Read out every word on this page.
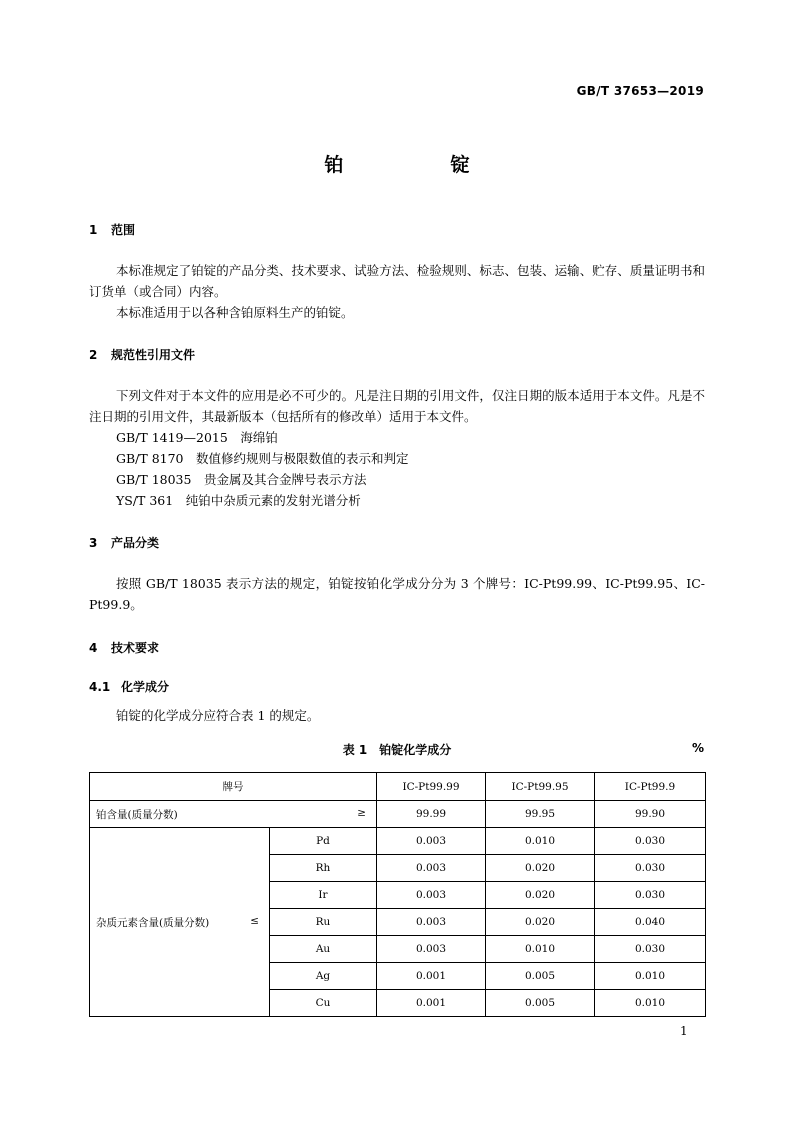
GB/T 37653—2019
铂　锭
1 范围

本标准规定了铂锭的产品分类、技术要求、试验方法、检验规则、标志、包装、运输、贮存、质量证明书和订货单（或合同）内容。

本标准适用于以各种含铂原料生产的铂锭。

2 规范性引用文件

下列文件对于本文件的应用是必不可少的。凡是注日期的引用文件，仅注日期的版本适用于本文件。凡是不注日期的引用文件，其最新版本（包括所有的修改单）适用于本文件。

GB/T 1419—2015　海绵铂
GB/T 8170　数值修约规则与极限数值的表示和判定
GB/T 18035　贵金属及其合金牌号表示方法
YS/T 361　纯铂中杂质元素的发射光谱分析
3 产品分类

按照 GB/T 18035 表示方法的规定，铂锭按铂化学成分分为 3 个牌号：IC-Pt99.99、IC-Pt99.95、IC-Pt99.9。

4 技术要求
4.1 化学成分

铂锭的化学成分应符合表 1 的规定。

表 1　铂锭化学成分	%
牌号		IC-Pt99.99	IC-Pt99.95	IC-Pt99.9
铂含量(质量分数) ≥		99.99	99.95	99.90
杂质元素含量(质量分数) ≤	Pd	0.003	0.010	0.030
	Rh	0.003	0.020	0.030
	Ir	0.003	0.020	0.030
	Ru	0.003	0.020	0.040
	Au	0.003	0.010	0.030
	Ag	0.001	0.005	0.010
	Cu	0.001	0.005	0.010
1
